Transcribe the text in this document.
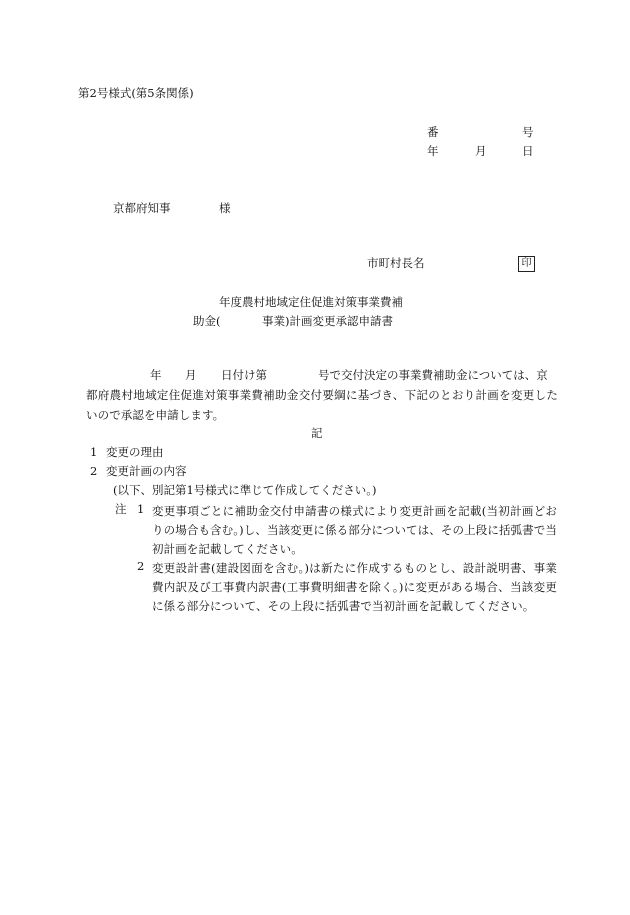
第2号様式(第5条関係)
番	号
年	月	日
京都府知事	様
市町村長名	印
年度農村地域定住促進対策事業費補
助金(	事業)計画変更承認申請書
年 月 日付け第	号で交付決定の事業費補助金については、京
都府農村地域定住促進対策事業費補助金交付要綱に基づき、下記のとおり計画を変更したいので承認を申請します。
記
1 変更の理由
2 変更計画の内容
(以下、別記第1号様式に準じて作成してください。)
注 1 変更事項ごとに補助金交付申請書の様式により変更計画を記載(当初計画どおりの場合も含む。)し、当該変更に係る部分については、その上段に括弧書で当初計画を記載してください。
2 変更設計書(建設図面を含む。)は新たに作成するものとし、設計説明書、事業費内訳及び工事費内訳書(工事費明細書を除く。)に変更がある場合、当該変更に係る部分について、その上段に括弧書で当初計画を記載してください。
